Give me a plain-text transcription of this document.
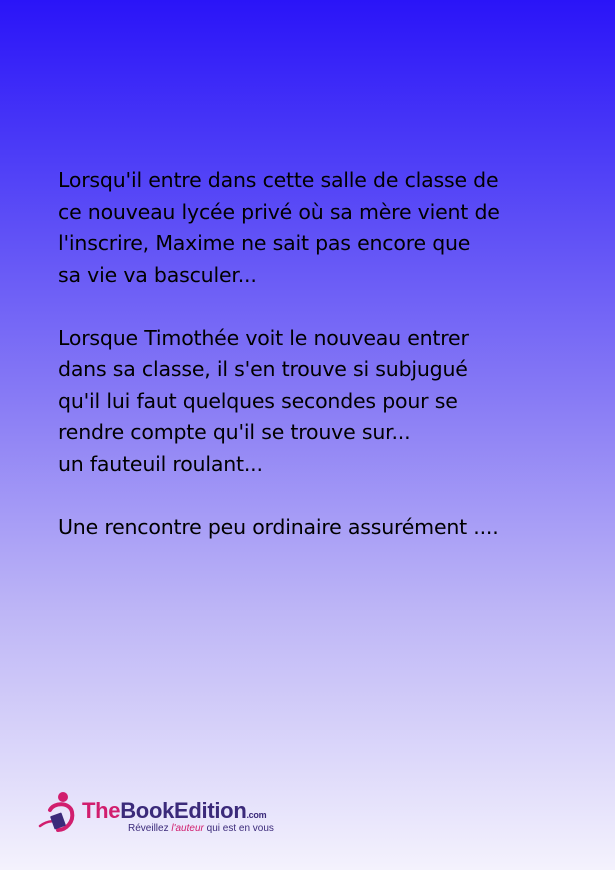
Lorsqu'il entre dans cette salle de classe de
ce nouveau lycée privé où sa mère vient de
l'inscrire, Maxime ne sait pas encore que
sa vie va basculer...

Lorsque Timothée voit le nouveau entrer
dans sa classe, il s'en trouve si subjugué
qu'il lui faut quelques secondes pour se
rendre compte qu'il se trouve sur...
un fauteuil roulant...

Une rencontre peu ordinaire assurément ....

TheBookEdition.com
Réveillez l'auteur qui est en vous
